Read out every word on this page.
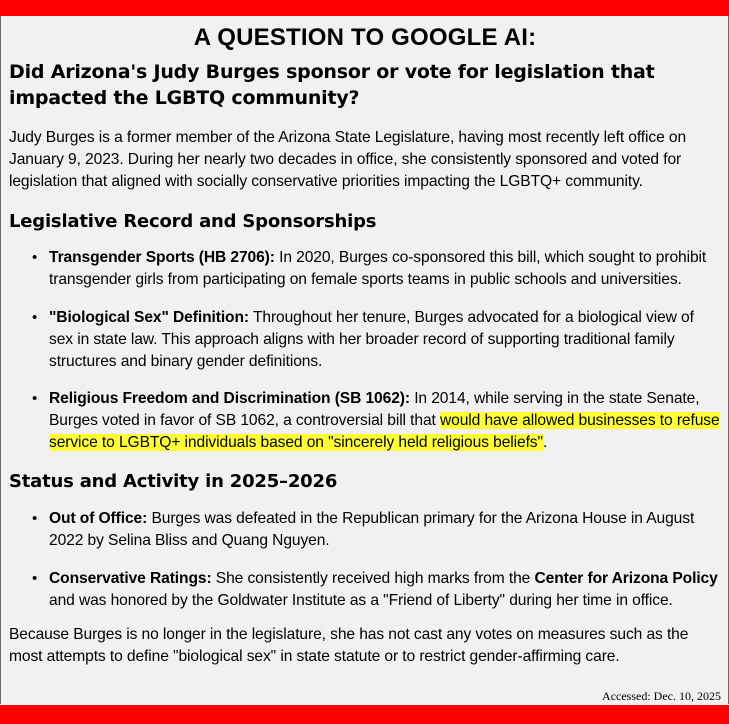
A QUESTION TO GOOGLE AI:
Did Arizona's Judy Burges sponsor or vote for legislation that impacted the LGBTQ community?

Judy Burges is a former member of the Arizona State Legislature, having most recently left office on January 9, 2023. During her nearly two decades in office, she consistently sponsored and voted for legislation that aligned with socially conservative priorities impacting the LGBTQ+ community.

Legislative Record and Sponsorships
• Transgender Sports (HB 2706): In 2020, Burges co-sponsored this bill, which sought to prohibit transgender girls from participating on female sports teams in public schools and universities.
• "Biological Sex" Definition: Throughout her tenure, Burges advocated for a biological view of sex in state law. This approach aligns with her broader record of supporting traditional family structures and binary gender definitions.
• Religious Freedom and Discrimination (SB 1062): In 2014, while serving in the state Senate, Burges voted in favor of SB 1062, a controversial bill that would have allowed businesses to refuse service to LGBTQ+ individuals based on "sincerely held religious beliefs".
Status and Activity in 2025–2026
• Out of Office: Burges was defeated in the Republican primary for the Arizona House in August 2022 by Selina Bliss and Quang Nguyen.
• Conservative Ratings: She consistently received high marks from the Center for Arizona Policy and was honored by the Goldwater Institute as a "Friend of Liberty" during her time in office.

Because Burges is no longer in the legislature, she has not cast any votes on measures such as the most attempts to define "biological sex" in state statute or to restrict gender-affirming care.

Accessed: Dec. 10, 2025
